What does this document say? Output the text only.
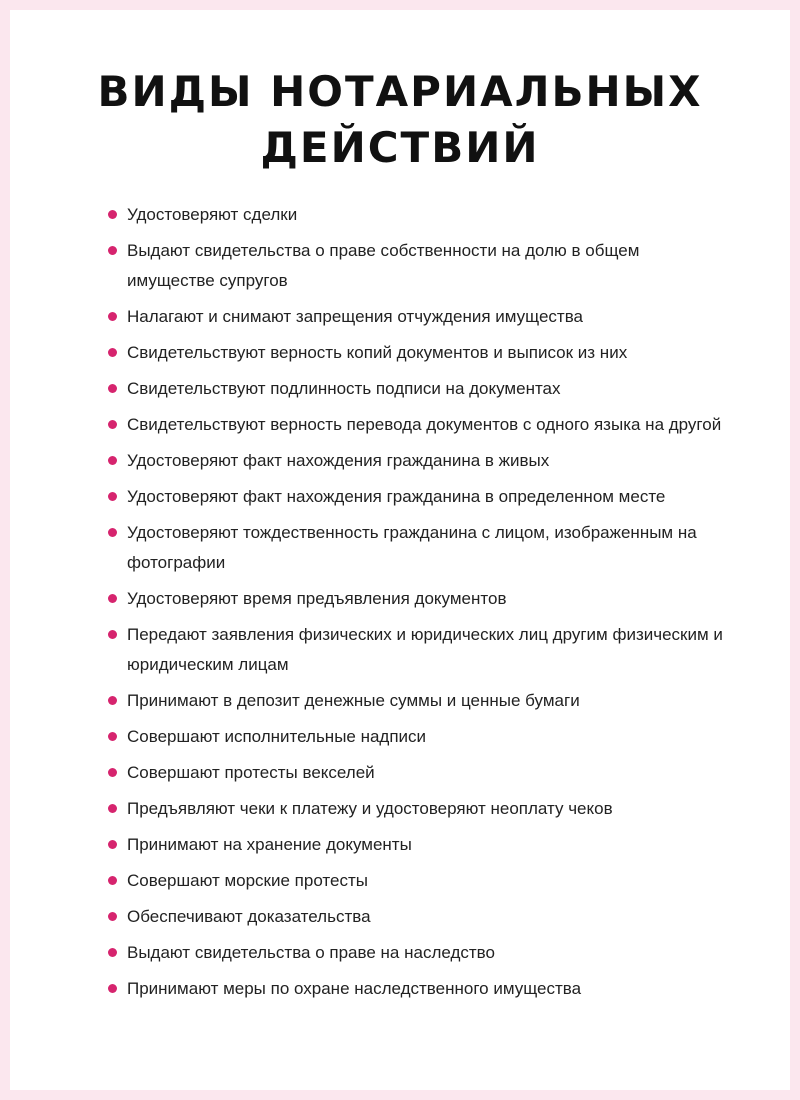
ВИДЫ НОТАРИАЛЬНЫХ
ДЕЙСТВИЙ
Удостоверяют сделки
Выдают свидетельства о праве собственности на долю в общем имуществе супругов
Налагают и снимают запрещения отчуждения имущества
Свидетельствуют верность копий документов и выписок из них
Свидетельствуют подлинность подписи на документах
Свидетельствуют верность перевода документов с одного языка на другой
Удостоверяют факт нахождения гражданина в живых
Удостоверяют факт нахождения гражданина в определенном месте
Удостоверяют тождественность гражданина с лицом, изображенным на фотографии
Удостоверяют время предъявления документов
Передают заявления физических и юридических лиц другим физическим и юридическим лицам
Принимают в депозит денежные суммы и ценные бумаги
Совершают исполнительные надписи
Совершают протесты векселей
Предъявляют чеки к платежу и удостоверяют неоплату чеков
Принимают на хранение документы
Совершают морские протесты
Обеспечивают доказательства
Выдают свидетельства о праве на наследство
Принимают меры по охране наследственного имущества
